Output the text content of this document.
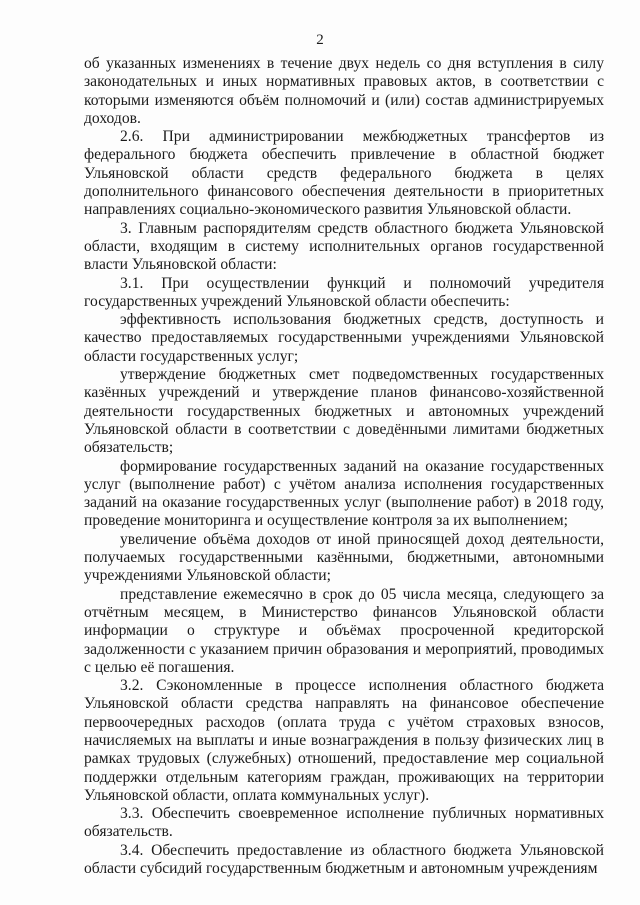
2

об указанных изменениях в течение двух недель со дня вступления в силу законодательных и иных нормативных правовых актов, в соответствии с которыми изменяются объём полномочий и (или) состав администрируемых доходов.

2.6. При администрировании межбюджетных трансфертов из федерального бюджета обеспечить привлечение в областной бюджет Ульяновской области средств федерального бюджета в целях дополнительного финансового обеспечения деятельности в приоритетных направлениях социально-экономического развития Ульяновской области.

3. Главным распорядителям средств областного бюджета Ульяновской области, входящим в систему исполнительных органов государственной власти Ульяновской области:

3.1. При осуществлении функций и полномочий учредителя государственных учреждений Ульяновской области обеспечить:

эффективность использования бюджетных средств, доступность и качество предоставляемых государственными учреждениями Ульяновской области государственных услуг;

утверждение бюджетных смет подведомственных государственных казённых учреждений и утверждение планов финансово-хозяйственной деятельности государственных бюджетных и автономных учреждений Ульяновской области в соответствии с доведёнными лимитами бюджетных обязательств;

формирование государственных заданий на оказание государственных услуг (выполнение работ) с учётом анализа исполнения государственных заданий на оказание государственных услуг (выполнение работ) в 2018 году, проведение мониторинга и осуществление контроля за их выполнением;

увеличение объёма доходов от иной приносящей доход деятельности, получаемых государственными казёнными, бюджетными, автономными учреждениями Ульяновской области;

представление ежемесячно в срок до 05 числа месяца, следующего за отчётным месяцем, в Министерство финансов Ульяновской области информации о структуре и объёмах просроченной кредиторской задолженности с указанием причин образования и мероприятий, проводимых с целью её погашения.

3.2. Сэкономленные в процессе исполнения областного бюджета Ульяновской области средства направлять на финансовое обеспечение первоочередных расходов (оплата труда с учётом страховых взносов, начисляемых на выплаты и иные вознаграждения в пользу физических лиц в рамках трудовых (служебных) отношений, предоставление мер социальной поддержки отдельным категориям граждан, проживающих на территории Ульяновской области, оплата коммунальных услуг).

3.3. Обеспечить своевременное исполнение публичных нормативных обязательств.

3.4. Обеспечить предоставление из областного бюджета Ульяновской области субсидий государственным бюджетным и автономным учреждениям
